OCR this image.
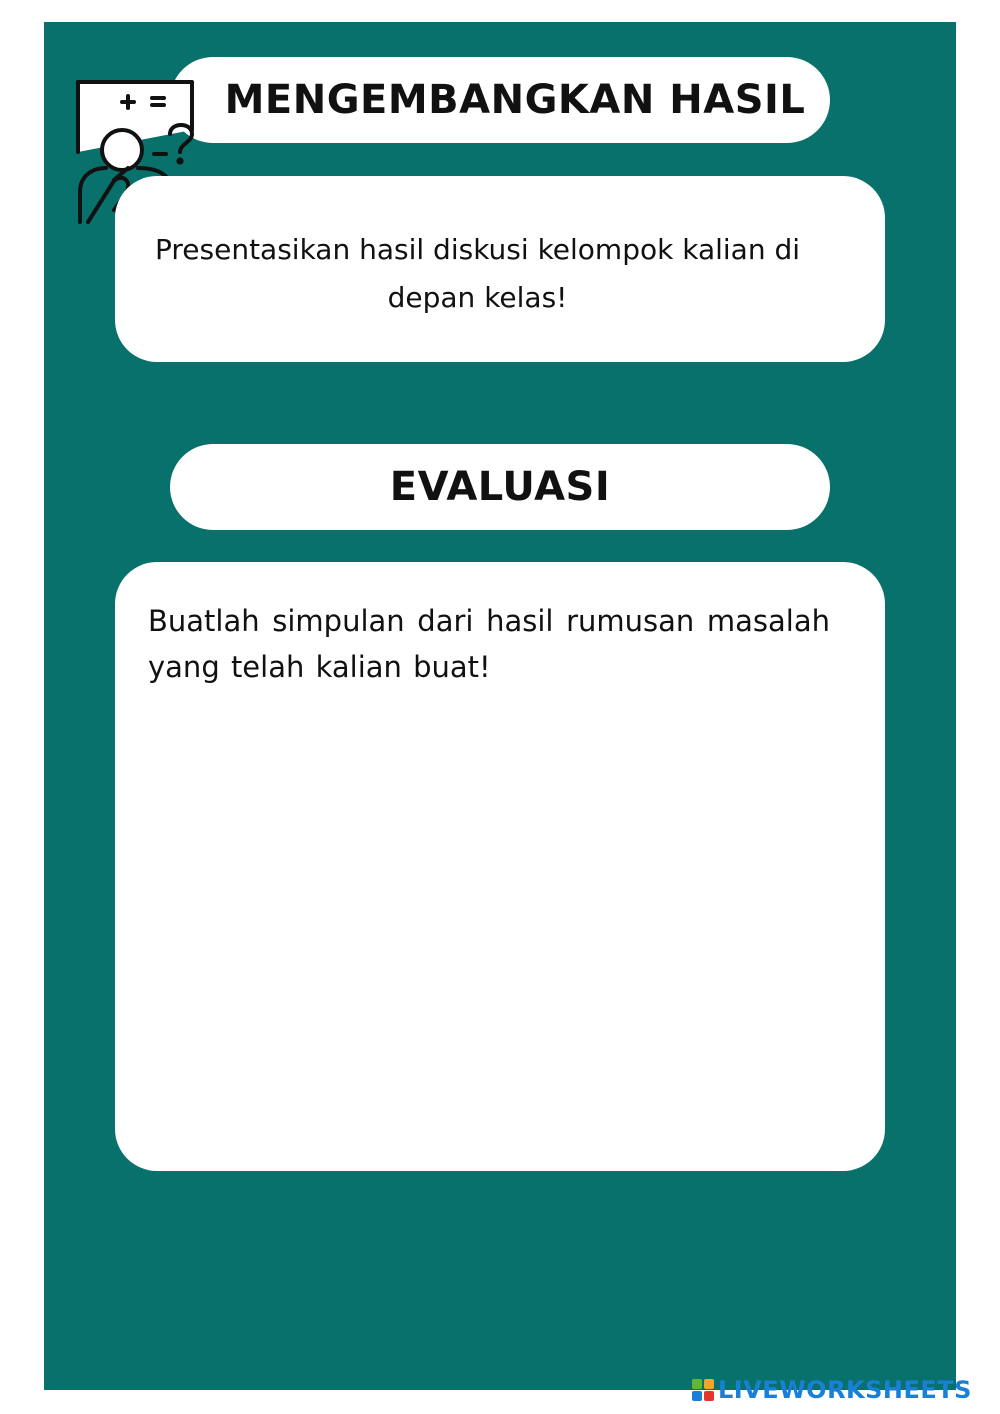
MENGEMBANGKAN HASIL
Presentasikan hasil diskusi kelompok kalian di depan kelas!
EVALUASI
Buatlah simpulan dari hasil rumusan masalah yang telah kalian buat!
LIVEWORKSHEETS
